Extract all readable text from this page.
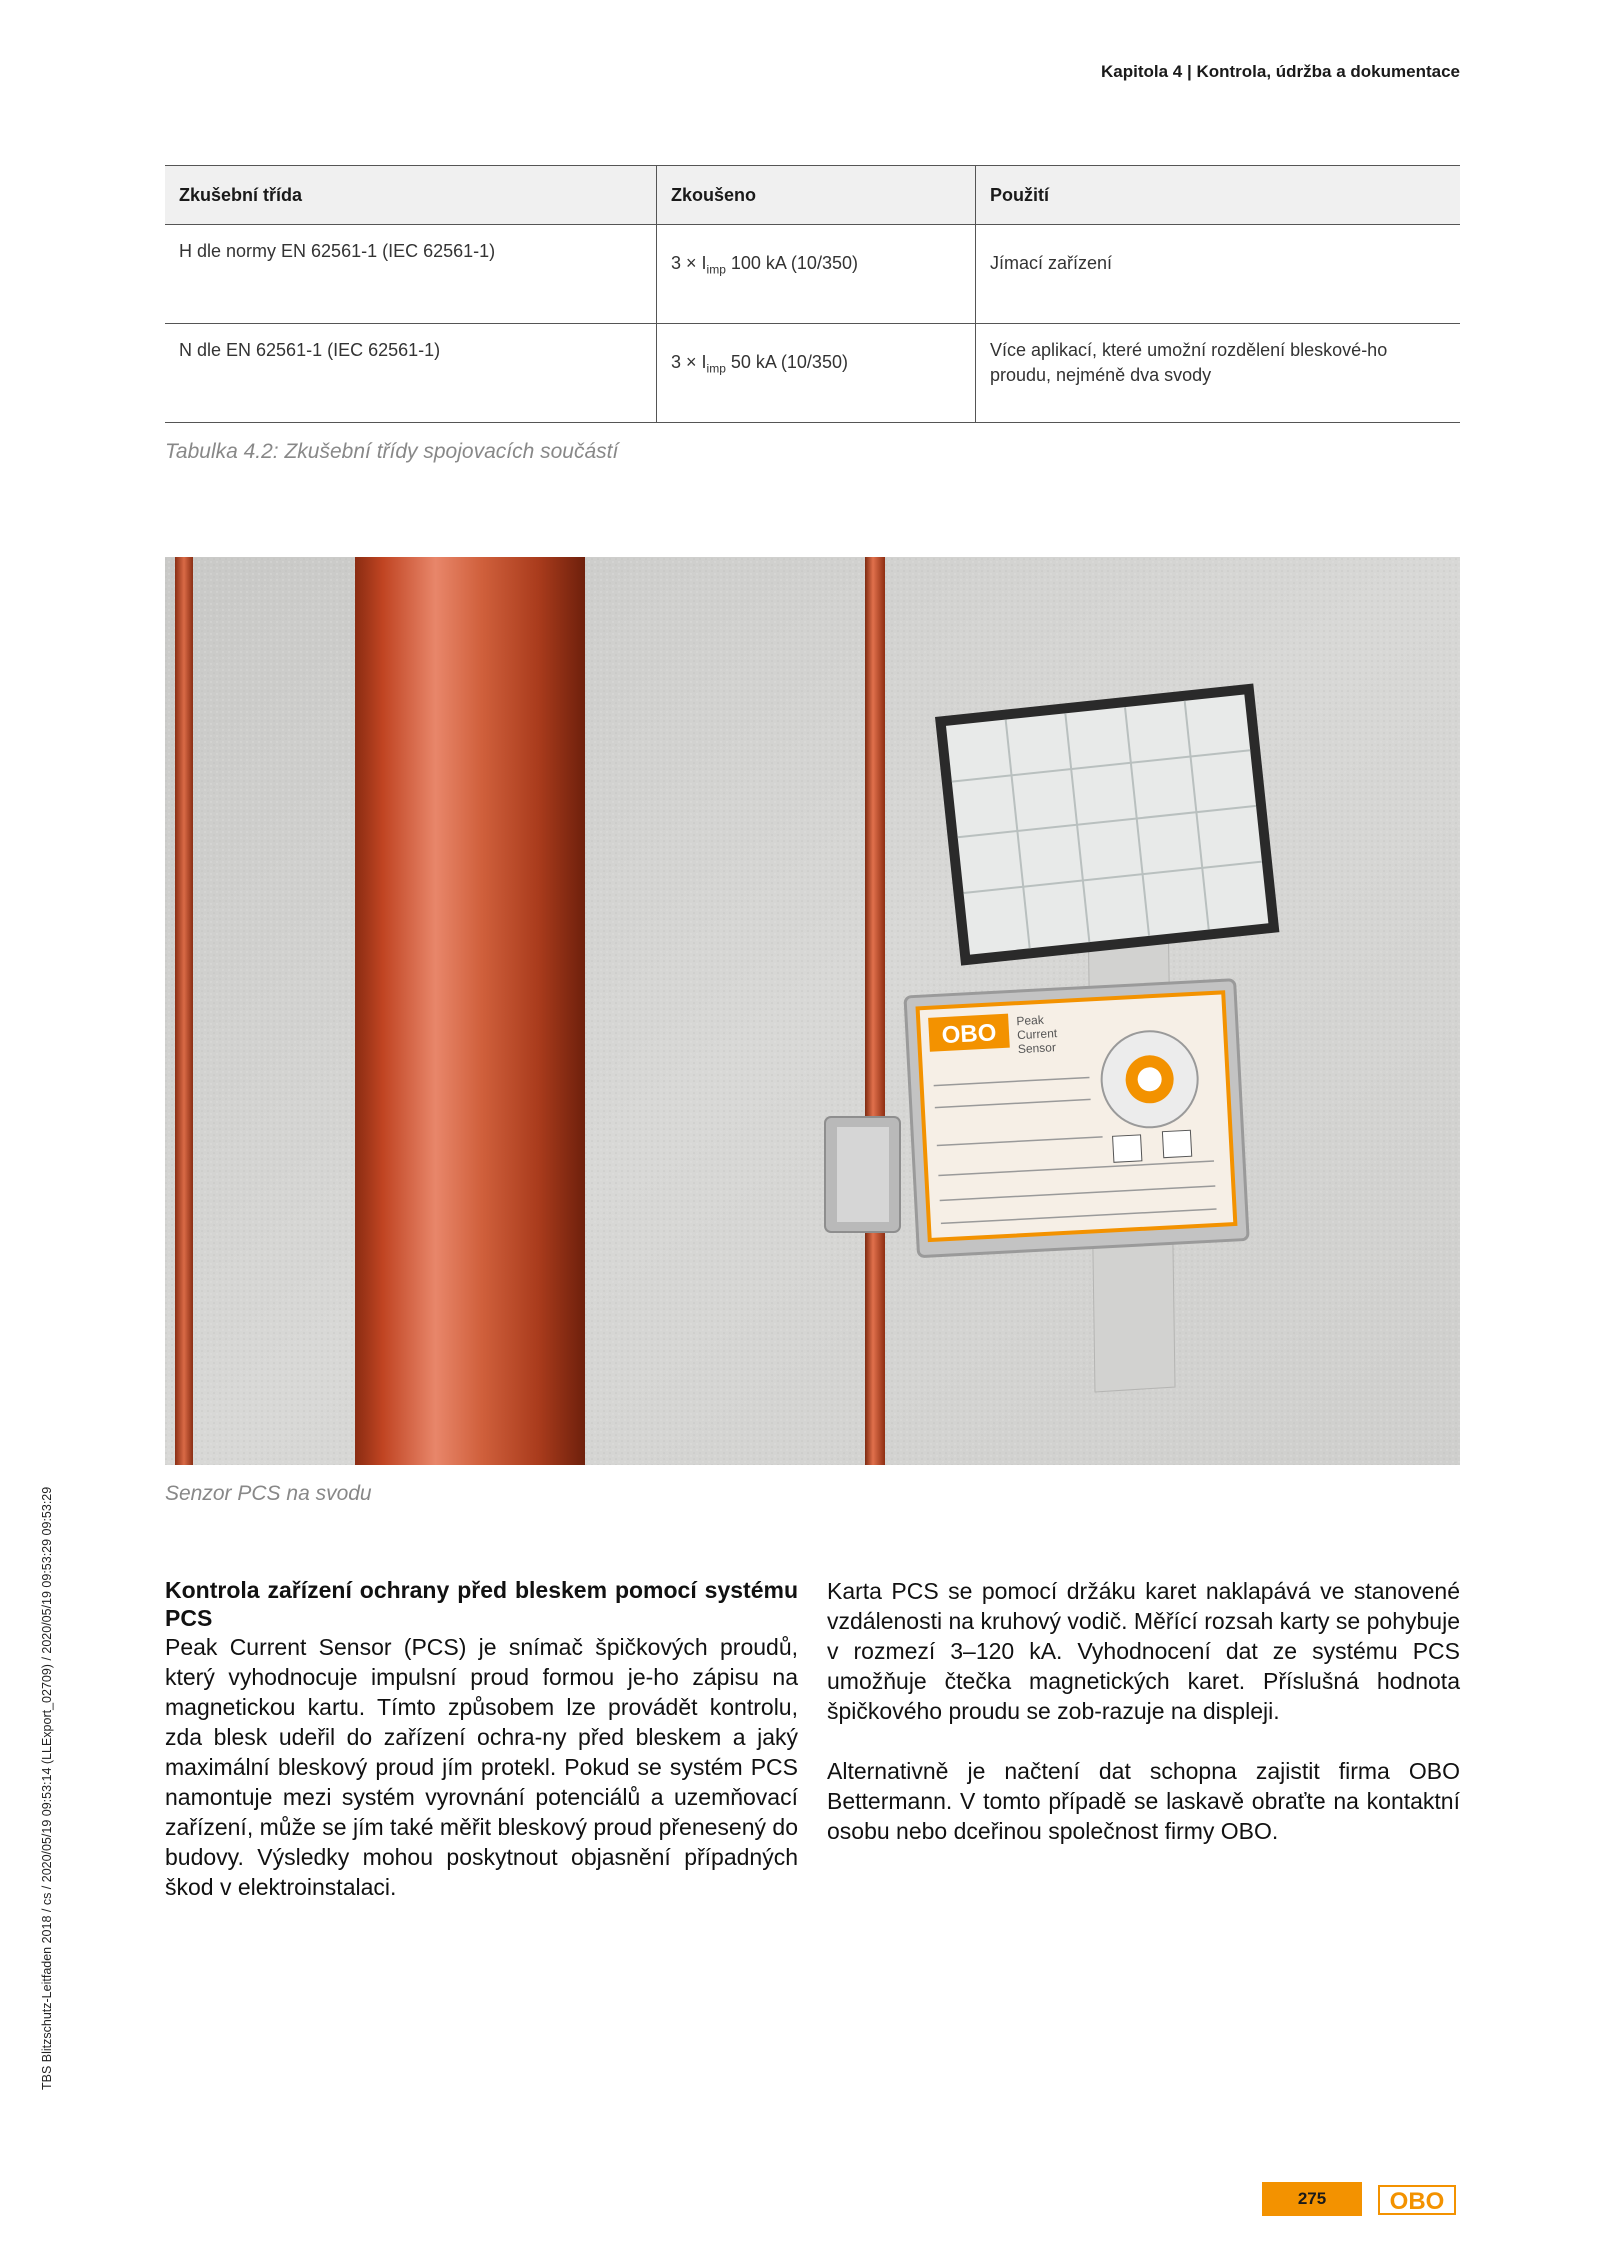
Kapitola 4 | Kontrola, údržba a dokumentace
TBS Blitzschutz-Leitfaden 2018 / cs / 2020/05/19 09:53:14 (LLExport_02709) / 2020/05/19 09:53:29 09:53:29
Zkušební třída	Zkoušeno	Použití
H dle normy EN 62561-1 (IEC 62561-1)	$3 \times I_{imp}$ 100 kA (10/350)	Jímací zařízení
N dle EN 62561-1 (IEC 62561-1)	$3 \times I_{imp}$ 50 kA (10/350)	Více aplikací, které umožní rozdělení bleskové-ho proudu, nejméně dva svody
Tabulka 4.2: Zkušební třídy spojovacích součástí
OBO Peak
Current
Sensor
Senzor PCS na svodu
Kontrola zařízení ochrany před bleskem pomocí systému PCS

Peak Current Sensor (PCS) je snímač špičkových proudů, který vyhodnocuje impulsní proud formou je-ho zápisu na magnetickou kartu. Tímto způsobem lze provádět kontrolu, zda blesk udeřil do zařízení ochra-ny před bleskem a jaký maximální bleskový proud jím protekl. Pokud se systém PCS namontuje mezi systém vyrovnání potenciálů a uzemňovací zařízení, může se jím také měřit bleskový proud přenesený do budovy. Výsledky mohou poskytnout objasnění případných škod v elektroinstalaci.

Karta PCS se pomocí držáku karet naklapává ve stanovené vzdálenosti na kruhový vodič. Měřící rozsah karty se pohybuje v rozmezí 3–120 kA. Vyhodnocení dat ze systému PCS umožňuje čtečka magnetických karet. Příslušná hodnota špičkového proudu se zob-razuje na displeji.

Alternativně je načtení dat schopna zajistit firma OBO Bettermann. V tomto případě se laskavě obraťte na kontaktní osobu nebo dceřinou společnost firmy OBO.

275	OBO
